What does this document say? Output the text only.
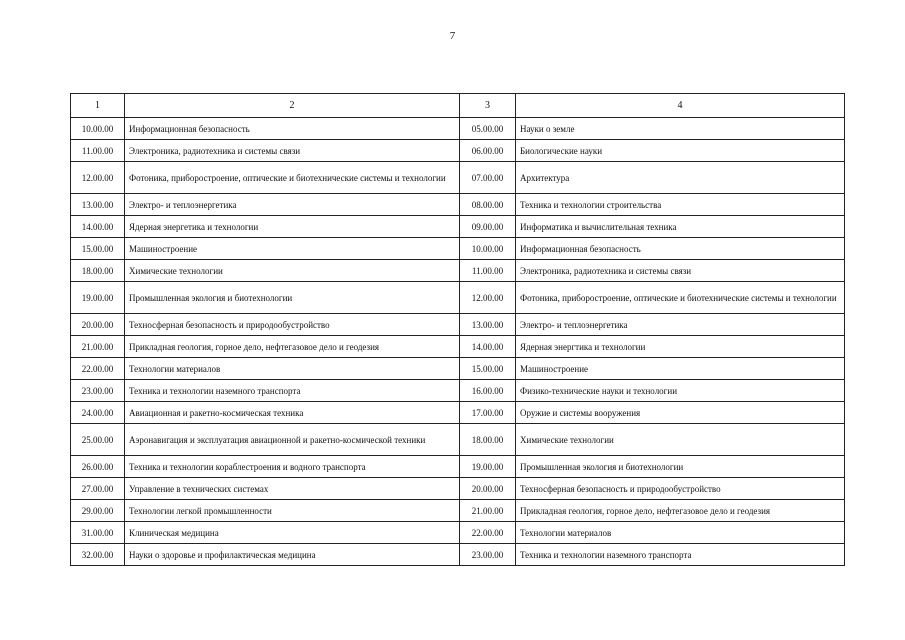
7
1	2	3	4
10.00.00	Информационная безопасность	05.00.00	Науки о земле
11.00.00	Электроника, радиотехника и системы связи	06.00.00	Биологические науки
12.00.00	Фотоника, приборостроение, оптические и биотехнические системы и технологии	07.00.00	Архитектура
13.00.00	Электро- и теплоэнергетика	08.00.00	Техника и технологии строительства
14.00.00	Ядерная энергетика и технологии	09.00.00	Информатика и вычислительная техника
15.00.00	Машиностроение	10.00.00	Информационная безопасность
18.00.00	Химические технологии	11.00.00	Электроника, радиотехника и системы связи
19.00.00	Промышленная экология и биотехнологии	12.00.00	Фотоника, приборостроение, оптические и биотехнические системы и технологии
20.00.00	Техносферная безопасность и природообустройство	13.00.00	Электро- и теплоэнергетика
21.00.00	Прикладная геология, горное дело, нефтегазовое дело и геодезия	14.00.00	Ядерная энергтика и технологии
22.00.00	Технологии материалов	15.00.00	Машиностроение
23.00.00	Техника и технологии наземного транспорта	16.00.00	Физико-технические науки и технологии
24.00.00	Авиационная и ракетно-космическая техника	17.00.00	Оружие и системы вооружения
25.00.00	Аэронавигация и эксплуатация авиационной и ракетно-космической техники	18.00.00	Химические технологии
26.00.00	Техника и технологии кораблестроения и водного транспорта	19.00.00	Промышленная экология и биотехнологии
27.00.00	Управление в технических системах	20.00.00	Техносферная безопасность и природообустройство
29.00.00	Технологии легкой промышленности	21.00.00	Прикладная геология, горное дело, нефтегазовое дело и геодезия
31.00.00	Клиническая медицина	22.00.00	Технологии материалов
32.00.00	Науки о здоровье и профилактическая медицина	23.00.00	Техника и технологии наземного транспорта
